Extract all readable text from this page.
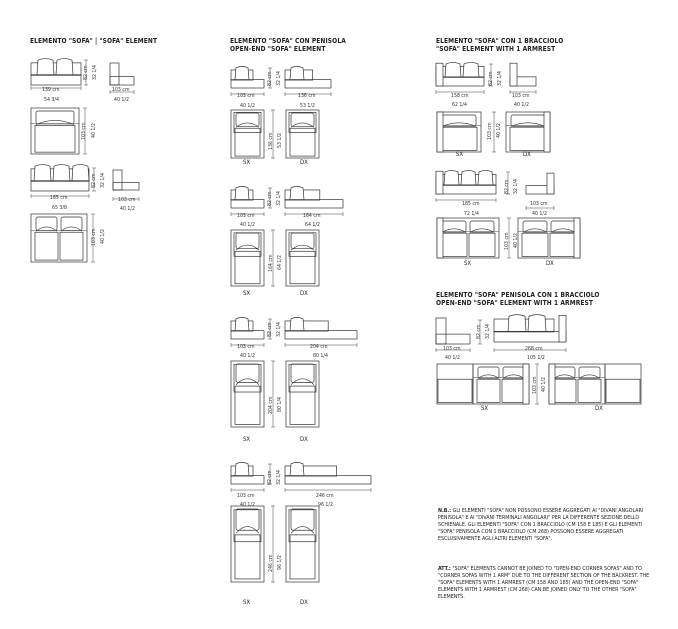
ELEMENTO "SOFA" | "SOFA" ELEMENT	ELEMENTO "SOFA" CON PENISOLA
OPEN-END "SOFA" ELEMENT
ELEMENTO "SOFA" CON 1 BRACCIOLO
"SOFA" ELEMENT WITH 1 ARMREST
ELEMENTO "SOFA" PENISOLA CON 1 BRACCIOLO
OPEN-END "SOFA" ELEMENT WITH 1 ARMREST
139 cm
54 3/4
82 cm 32 1/4
103 cm
40 1/2
103 cm 40 1/2
165 cm
65 3/8
82 cm 32 1/4
103 cm
40 1/2
103 cm 40 1/2
103 cm
40 1/2
82 cm 32 1/4
136 cm
53 1/2
136 cm 53 1/2
SX	DX
103 cm
40 1/2
82 cm 32 1/4
164 cm
64 1/2
164 cm 64 1/2
SX	DX
103 cm
40 1/2
82 cm 32 1/4
204 cm
80 1/4
204 cm 80 1/4
SX	DX
103 cm
40 1/2
82 cm 32 1/4
246 cm
96 1/2
246 cm 96 1/2
SX	DX
158 cm
62 1/4
82 cm 32 1/4
103 cm
40 1/2
103 cm 40 1/2
SX	DX
185 cm
72 1/4
82 cm 32 1/4
103 cm
40 1/2
103 cm 40 1/2
SX	DX
103 cm
40 1/2
82 cm 32 1/4
268 cm
105 1/2
103 cm 40 1/2
SX	DX
N.B.: GLI ELEMENTI "SOFA" NON POSSONO ESSERE AGGREGATI AI "DIVANI ANGOLARI PENISOLA" E AI "DIVANI TERMINALI ANGOLARI" PER LA DIFFERENTE SEZIONE DELLO SCHIENALE. GLI ELEMENTI "SOFA" CON 1 BRACCIOLO (CM 158 E 185) E GLI ELEMENTI "SOFA" PENISOLA CON 1 BRACCIOLO (CM 268) POSSONO ESSERE AGGREGATI ESCLUSIVAMENTE AGLI ALTRI ELEMENTI "SOFA".
ATT.: "SOFA" ELEMENTS CANNOT BE JOINED TO "OPEN-END CORNER SOFAS" AND TO "CORNER SOFAS WITH 1 ARM" DUE TO THE DIFFERENT SECTION OF THE BACKREST. THE "SOFA" ELEMENTS WITH 1 ARMREST (CM 158 AND 185) AND THE OPEN-END "SOFA" ELEMENTS WITH 1 ARMREST (CM 268) CAN BE JOINED ONLY TO THE OTHER "SOFA" ELEMENTS.
